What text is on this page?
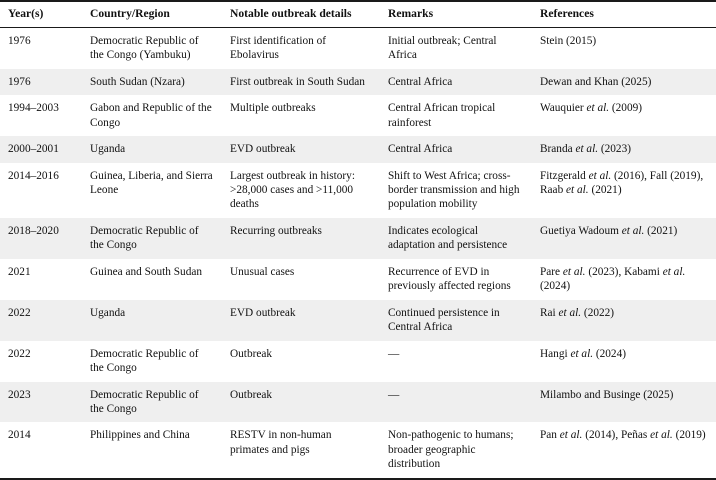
Year(s)	Country/Region	Notable outbreak details	Remarks	References
1976	Democratic Republic of the Congo (Yambuku)	First identification of Ebolavirus	Initial outbreak; Central Africa	Stein (2015)
1976	South Sudan (Nzara)	First outbreak in South Sudan	Central Africa	Dewan and Khan (2025)
1994–2003	Gabon and Republic of the Congo	Multiple outbreaks	Central African tropical rainforest	Wauquier et al. (2009)
2000–2001	Uganda	EVD outbreak	Central Africa	Branda et al. (2023)
2014–2016	Guinea, Liberia, and Sierra Leone	Largest outbreak in history: >28,000 cases and >11,000 deaths	Shift to West Africa; cross-border transmission and high population mobility	Fitzgerald et al. (2016), Fall (2019), Raab et al. (2021)
2018–2020	Democratic Republic of the Congo	Recurring outbreaks	Indicates ecological adaptation and persistence	Guetiya Wadoum et al. (2021)
2021	Guinea and South Sudan	Unusual cases	Recurrence of EVD in previously affected regions	Pare et al. (2023), Kabami et al. (2024)
2022	Uganda	EVD outbreak	Continued persistence in Central Africa	Rai et al. (2022)
2022	Democratic Republic of the Congo	Outbreak	—	Hangi et al. (2024)
2023	Democratic Republic of the Congo	Outbreak	—	Milambo and Businge (2025)
2014	Philippines and China	RESTV in non-human primates and pigs	Non-pathogenic to humans; broader geographic distribution	Pan et al. (2014), Peñas et al. (2019)
